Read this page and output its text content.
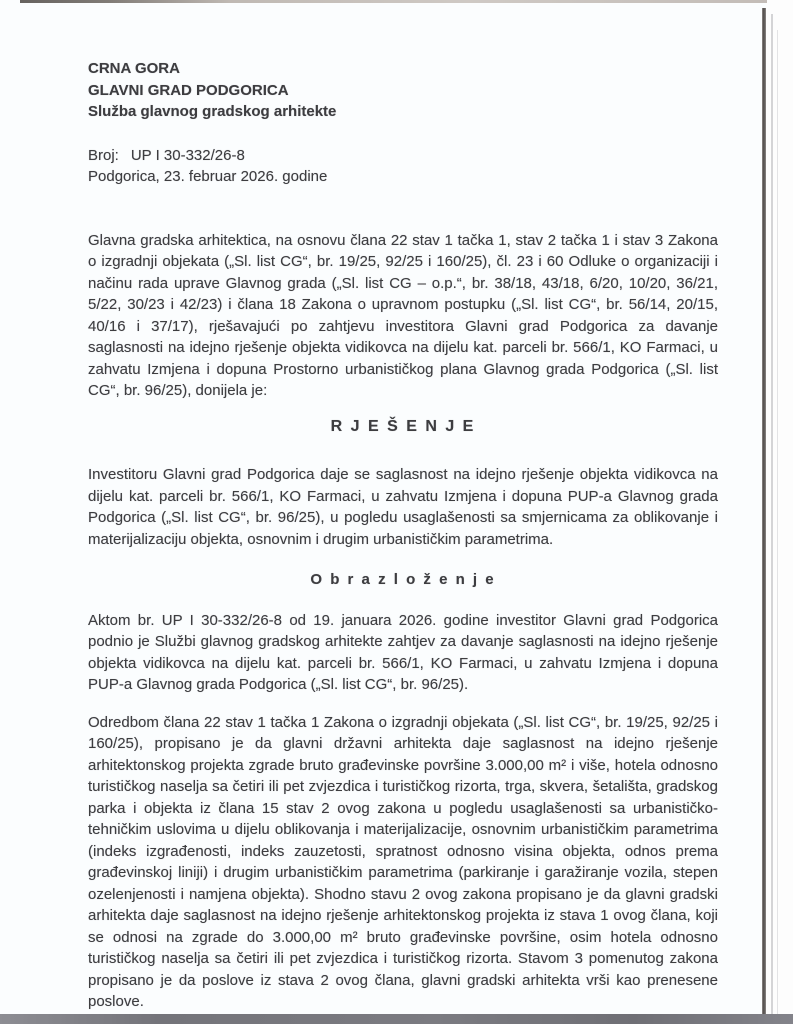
CRNA GORA
GLAVNI GRAD PODGORICA
Služba glavnog gradskog arhitekte
Broj: UP I 30-332/26-8
Podgorica, 23. februar 2026. godine

Glavna gradska arhitektica, na osnovu člana 22 stav 1 tačka 1, stav 2 tačka 1 i stav 3 Zakona o izgradnji objekata („Sl. list CG“, br. 19/25, 92/25 i 160/25), čl. 23 i 60 Odluke o organizaciji i načinu rada uprave Glavnog grada („Sl. list CG – o.p.“, br. 38/18, 43/18, 6/20, 10/20, 36/21, 5/22, 30/23 i 42/23) i člana 18 Zakona o upravnom postupku („Sl. list CG“, br. 56/14, 20/15, 40/16 i 37/17), rješavajući po zahtjevu investitora Glavni grad Podgorica za davanje saglasnosti na idejno rješenje objekta vidikovca na dijelu kat. parceli br. 566/1, KO Farmaci, u zahvatu Izmjena i dopuna Prostorno urbanističkog plana Glavnog grada Podgorica („Sl. list CG“, br. 96/25), donijela je:

R J E Š E N J E

Investitoru Glavni grad Podgorica daje se saglasnost na idejno rješenje objekta vidikovca na dijelu kat. parceli br. 566/1, KO Farmaci, u zahvatu Izmjena i dopuna PUP-a Glavnog grada Podgorica („Sl. list CG“, br. 96/25), u pogledu usaglašenosti sa smjernicama za oblikovanje i materijalizaciju objekta, osnovnim i drugim urbanističkim parametrima.

O b r a z l o ž e n j e

Aktom br. UP I 30-332/26-8 od 19. januara 2026. godine investitor Glavni grad Podgorica podnio je Službi glavnog gradskog arhitekte zahtjev za davanje saglasnosti na idejno rješenje objekta vidikovca na dijelu kat. parceli br. 566/1, KO Farmaci, u zahvatu Izmjena i dopuna PUP-a Glavnog grada Podgorica („Sl. list CG“, br. 96/25).

Odredbom člana 22 stav 1 tačka 1 Zakona o izgradnji objekata („Sl. list CG“, br. 19/25, 92/25 i 160/25), propisano je da glavni državni arhitekta daje saglasnost na idejno rješenje arhitektonskog projekta zgrade bruto građevinske površine 3.000,00 m² i više, hotela odnosno turističkog naselja sa četiri ili pet zvjezdica i turističkog rizorta, trga, skvera, šetališta, gradskog parka i objekta iz člana 15 stav 2 ovog zakona u pogledu usaglašenosti sa urbanističko-tehničkim uslovima u dijelu oblikovanja i materijalizacije, osnovnim urbanističkim parametrima (indeks izgrađenosti, indeks zauzetosti, spratnost odnosno visina objekta, odnos prema građevinskoj liniji) i drugim urbanističkim parametrima (parkiranje i garažiranje vozila, stepen ozelenjenosti i namjena objekta). Shodno stavu 2 ovog zakona propisano je da glavni gradski arhitekta daje saglasnost na idejno rješenje arhitektonskog projekta iz stava 1 ovog člana, koji se odnosi na zgrade do 3.000,00 m² bruto građevinske površine, osim hotela odnosno turističkog naselja sa četiri ili pet zvjezdica i turističkog rizorta. Stavom 3 pomenutog zakona propisano je da poslove iz stava 2 ovog člana, glavni gradski arhitekta vrši kao prenesene poslove.
